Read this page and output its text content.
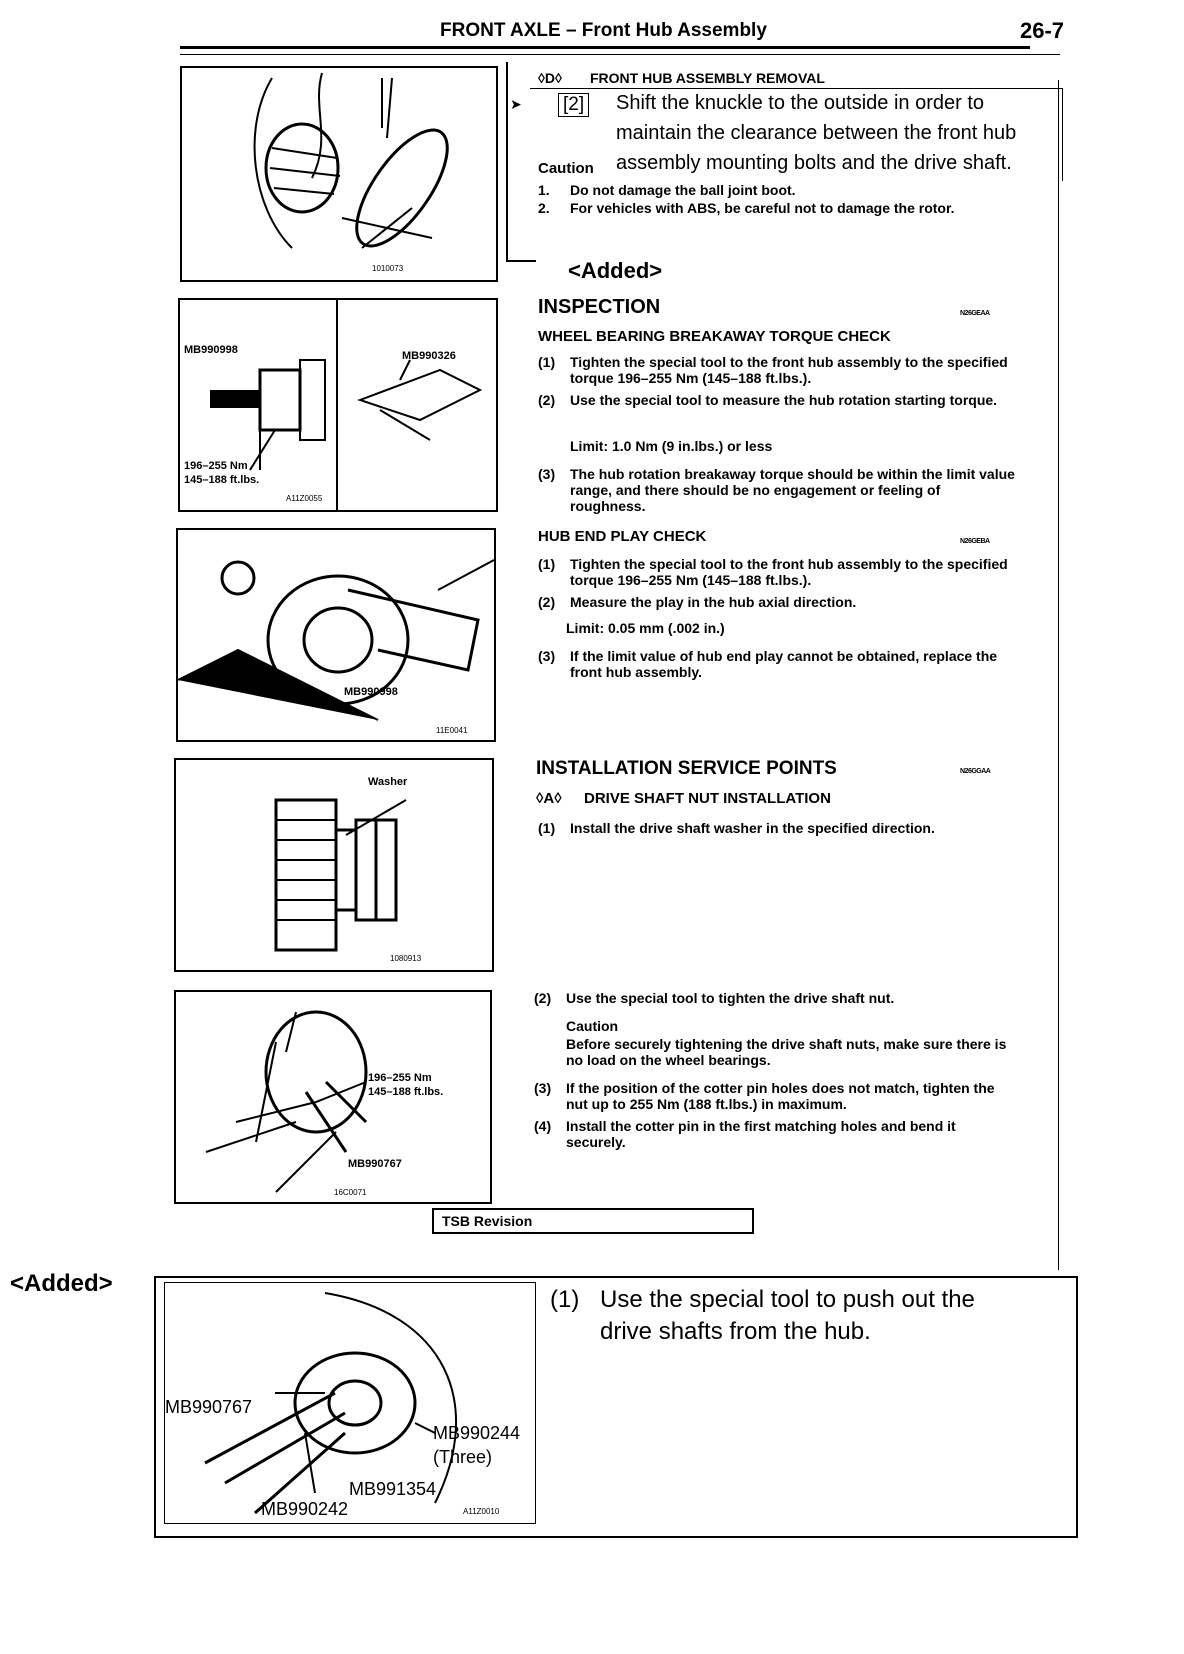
FRONT AXLE – Front Hub Assembly	26-7
1010073
➤
◊D◊ FRONT HUB ASSEMBLY REMOVAL
[2] Shift the knuckle to the outside in order to
maintain the clearance between the front hub
Caution assembly mounting bolts and the drive shaft.
1. Do not damage the ball joint boot.
2. For vehicles with ABS, be careful not to damage the rotor.
<Added>
MB990998	MB990326
196–255 Nm
145–188 ft.lbs.
A11Z0055
INSPECTION	N26GEAA
WHEEL BEARING BREAKAWAY TORQUE CHECK
(1) Tighten the special tool to the front hub assembly to the specified torque 196–255 Nm (145–188 ft.lbs.).
(2) Use the special tool to measure the hub rotation starting torque.
Limit: 1.0 Nm (9 in.lbs.) or less
(3) The hub rotation breakaway torque should be within the limit value range, and there should be no engagement or feeling of roughness.
MB990998
11E0041
HUB END PLAY CHECK	N26GEBA
(1) Tighten the special tool to the front hub assembly to the specified torque 196–255 Nm (145–188 ft.lbs.).
(2) Measure the play in the hub axial direction.
Limit: 0.05 mm (.002 in.)
(3) If the limit value of hub end play cannot be obtained, replace the front hub assembly.
Washer
1080913
INSTALLATION SERVICE POINTS	N26GGAA
◊A◊ DRIVE SHAFT NUT INSTALLATION
(1) Install the drive shaft washer in the specified direction.
196–255 Nm
145–188 ft.lbs.
MB990767
16C0071
(2) Use the special tool to tighten the drive shaft nut.
Caution
Before securely tightening the drive shaft nuts, make sure there is no load on the wheel bearings.
(3) If the position of the cotter pin holes does not match, tighten the nut up to 255 Nm (188 ft.lbs.) in maximum.
(4) Install the cotter pin in the first matching holes and bend it securely.
TSB Revision
<Added>
MB990767
MB990244
(Three)
MB991354
MB990242	A11Z0010
(1) Use the special tool to push out the
drive shafts from the hub.
